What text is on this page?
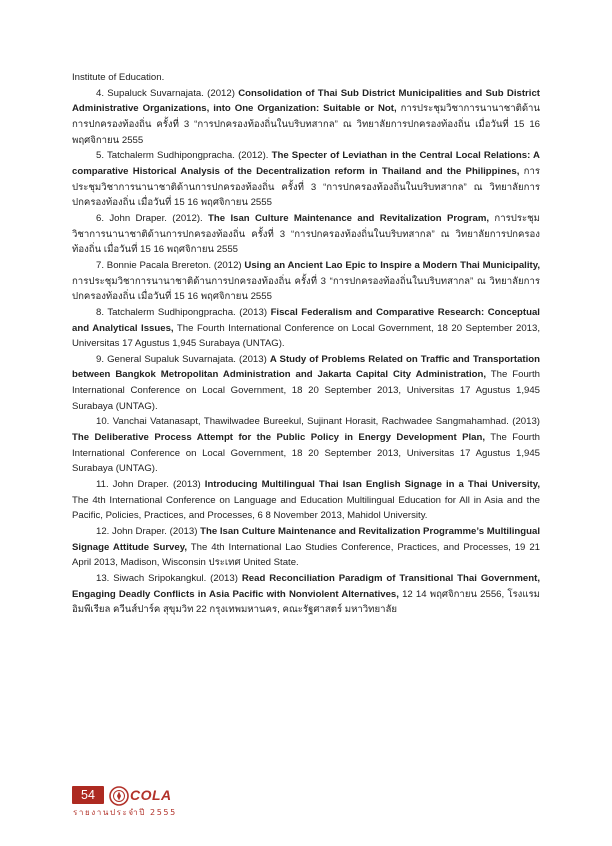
Institute of Education.

4. Supaluck Suvarnajata. (2012) Consolidation of Thai Sub District Municipalities and Sub District Administrative Organizations, into One Organization: Suitable or Not, การประชุมวิชาการนานาชาติด้านการปกครองท้องถิ่น ครั้งที่ 3 “การปกครองท้องถิ่นในบริบทสากล” ณ วิทยาลัยการปกครองท้องถิ่น เมื่อวันที่ 15 16 พฤศจิกายน 2555

5. Tatchalerm Sudhipongpracha. (2012). The Specter of Leviathan in the Central Local Relations: A comparative Historical Analysis of the Decentralization reform in Thailand and the Philippines, การประชุมวิชาการนานาชาติด้านการปกครองท้องถิ่น ครั้งที่ 3 “การปกครองท้องถิ่นในบริบทสากล” ณ วิทยาลัยการปกครองท้องถิ่น เมื่อวันที่ 15 16 พฤศจิกายน 2555

6. John Draper. (2012). The Isan Culture Maintenance and Revitalization Program, การประชุมวิชาการนานาชาติด้านการปกครองท้องถิ่น ครั้งที่ 3 “การปกครองท้องถิ่นในบริบทสากล” ณ วิทยาลัยการปกครองท้องถิ่น เมื่อวันที่ 15 16 พฤศจิกายน 2555

7. Bonnie Pacala Brereton. (2012) Using an Ancient Lao Epic to Inspire a Modern Thai Municipality, การประชุมวิชาการนานาชาติด้านการปกครองท้องถิ่น ครั้งที่ 3 “การปกครองท้องถิ่นในบริบทสากล” ณ วิทยาลัยการปกครองท้องถิ่น เมื่อวันที่ 15 16 พฤศจิกายน 2555

8. Tatchalerm Sudhipongpracha. (2013) Fiscal Federalism and Comparative Research: Conceptual and Analytical Issues, The Fourth International Conference on Local Government, 18 20 September 2013, Universitas 17 Agustus 1,945 Surabaya (UNTAG).

9. General Supaluk Suvarnajata. (2013) A Study of Problems Related on Traffic and Transportation between Bangkok Metropolitan Administration and Jakarta Capital City Administration, The Fourth International Conference on Local Government, 18 20 September 2013, Universitas 17 Agustus 1,945 Surabaya (UNTAG).

10. Vanchai Vatanasapt, Thawilwadee Bureekul, Sujinant Horasit, Rachwadee Sangmahamhad. (2013) The Deliberative Process Attempt for the Public Policy in Energy Development Plan, The Fourth International Conference on Local Government, 18 20 September 2013, Universitas 17 Agustus 1,945 Surabaya (UNTAG).

11. John Draper. (2013) Introducing Multilingual Thai Isan English Signage in a Thai University, The 4th International Conference on Language and Education Multilingual Education for All in Asia and the Pacific, Policies, Practices, and Processes, 6 8 November 2013, Mahidol University.

12. John Draper. (2013) The Isan Culture Maintenance and Revitalization Programme’s Multilingual Signage Attitude Survey, The 4th International Lao Studies Conference, Practices, and Processes, 19 21 April 2013, Madison, Wisconsin ประเทศ United State.

13. Siwach Sripokangkul. (2013) Read Reconciliation Paradigm of Transitional Thai Government, Engaging Deadly Conflicts in Asia Pacific with Nonviolent Alternatives, 12 14 พฤศจิกายน 2556, โรงแรมอิมพีเรียล ควีนส์ปาร์ค สุขุมวิท 22 กรุงเทพมหานคร, คณะรัฐศาสตร์ มหาวิทยาลัย

54	COLA
รายงานประจำปี 2555
